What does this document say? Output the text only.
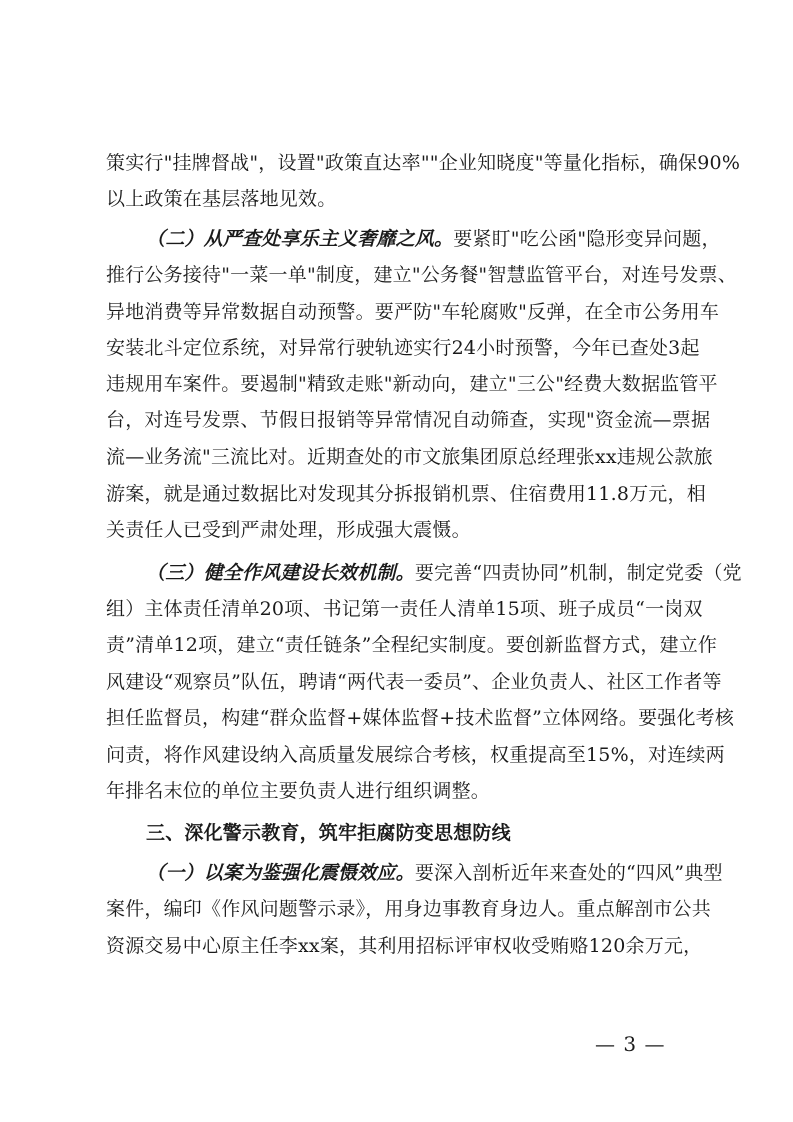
策实行"挂牌督战"，设置"政策直达率""企业知晓度"等量化指标，确保90%
以上政策在基层落地见效。
（二）从严查处享乐主义奢靡之风。要紧盯"吃公函"隐形变异问题，
推行公务接待"一菜一单"制度，建立"公务餐"智慧监管平台，对连号发票、
异地消费等异常数据自动预警。要严防"车轮腐败"反弹，在全市公务用车
安装北斗定位系统，对异常行驶轨迹实行24小时预警，今年已查处3起
违规用车案件。要遏制"精致走账"新动向，建立"三公"经费大数据监管平
台，对连号发票、节假日报销等异常情况自动筛查，实现"资金流—票据
流—业务流"三流比对。近期查处的市文旅集团原总经理张xx违规公款旅
游案，就是通过数据比对发现其分拆报销机票、住宿费用11.8万元，相
关责任人已受到严肃处理，形成强大震慑。
（三）健全作风建设长效机制。要完善“四责协同”机制，制定党委（党
组）主体责任清单20项、书记第一责任人清单15项、班子成员“一岗双
责”清单12项，建立“责任链条”全程纪实制度。要创新监督方式，建立作
风建设“观察员”队伍，聘请“两代表一委员”、企业负责人、社区工作者等
担任监督员，构建“群众监督+媒体监督+技术监督”立体网络。要强化考核
问责，将作风建设纳入高质量发展综合考核，权重提高至15%，对连续两
年排名末位的单位主要负责人进行组织调整。
三、深化警示教育，筑牢拒腐防变思想防线
（一）以案为鉴强化震慑效应。要深入剖析近年来查处的“四风”典型
案件，编印《作风问题警示录》，用身边事教育身边人。重点解剖市公共
资源交易中心原主任李xx案，其利用招标评审权收受贿赂120余万元，
— 3 —
